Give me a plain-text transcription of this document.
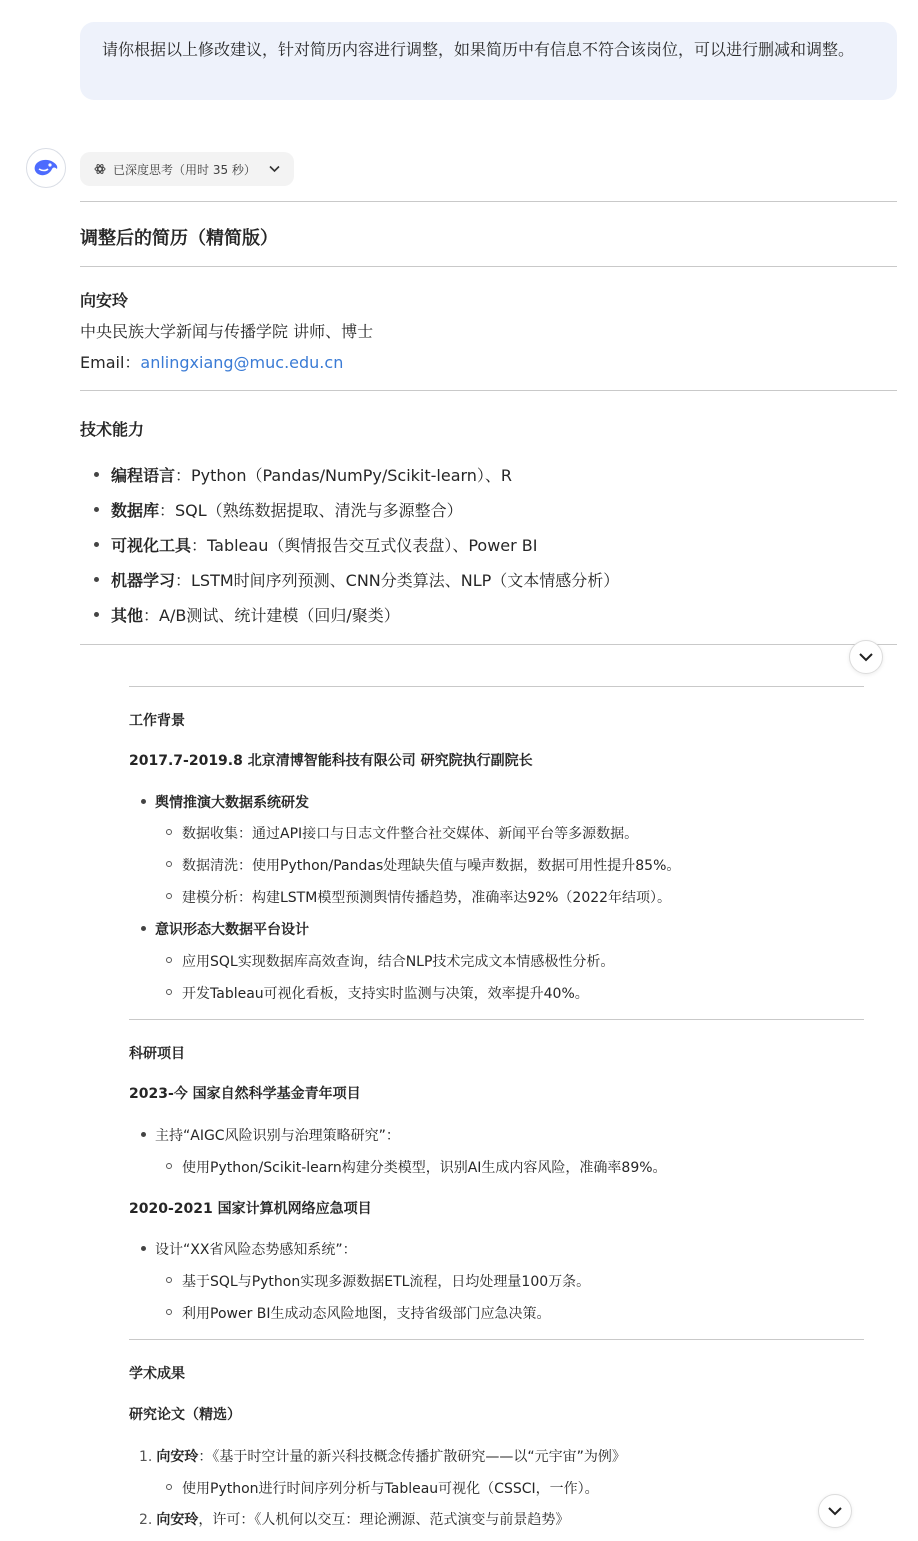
请你根据以上修改建议，针对简历内容进行调整，如果简历中有信息不符合该岗位，可以进行删减和调整。
已深度思考（用时 35 秒）
调整后的简历（精简版）
向安玲
中央民族大学新闻与传播学院 讲师、博士
Email：anlingxiang@muc.edu.cn
技术能力
编程语言：Python（Pandas/NumPy/Scikit-learn）、R
数据库：SQL（熟练数据提取、清洗与多源整合）
可视化工具：Tableau（舆情报告交互式仪表盘）、Power BI
机器学习：LSTM时间序列预测、CNN分类算法、NLP（文本情感分析）
其他：A/B测试、统计建模（回归/聚类）
工作背景
2017.7-2019.8 北京清博智能科技有限公司 研究院执行副院长
舆情推演大数据系统研发
数据收集：通过API接口与日志文件整合社交媒体、新闻平台等多源数据。
数据清洗：使用Python/Pandas处理缺失值与噪声数据，数据可用性提升85%。
建模分析：构建LSTM模型预测舆情传播趋势，准确率达92%（2022年结项）。
意识形态大数据平台设计
应用SQL实现数据库高效查询，结合NLP技术完成文本情感极性分析。
开发Tableau可视化看板，支持实时监测与决策，效率提升40%。
科研项目
2023-今 国家自然科学基金青年项目
主持“AIGC风险识别与治理策略研究”：
使用Python/Scikit-learn构建分类模型，识别AI生成内容风险，准确率89%。
2020-2021 国家计算机网络应急项目
设计“XX省风险态势感知系统”：
基于SQL与Python实现多源数据ETL流程，日均处理量100万条。
利用Power BI生成动态风险地图，支持省级部门应急决策。
学术成果
研究论文（精选）
1. 向安玲：《基于时空计量的新兴科技概念传播扩散研究——以“元宇宙”为例》
使用Python进行时间序列分析与Tableau可视化（CSSCI，一作）。
2. 向安玲，许可：《人机何以交互：理论溯源、范式演变与前景趋势》
